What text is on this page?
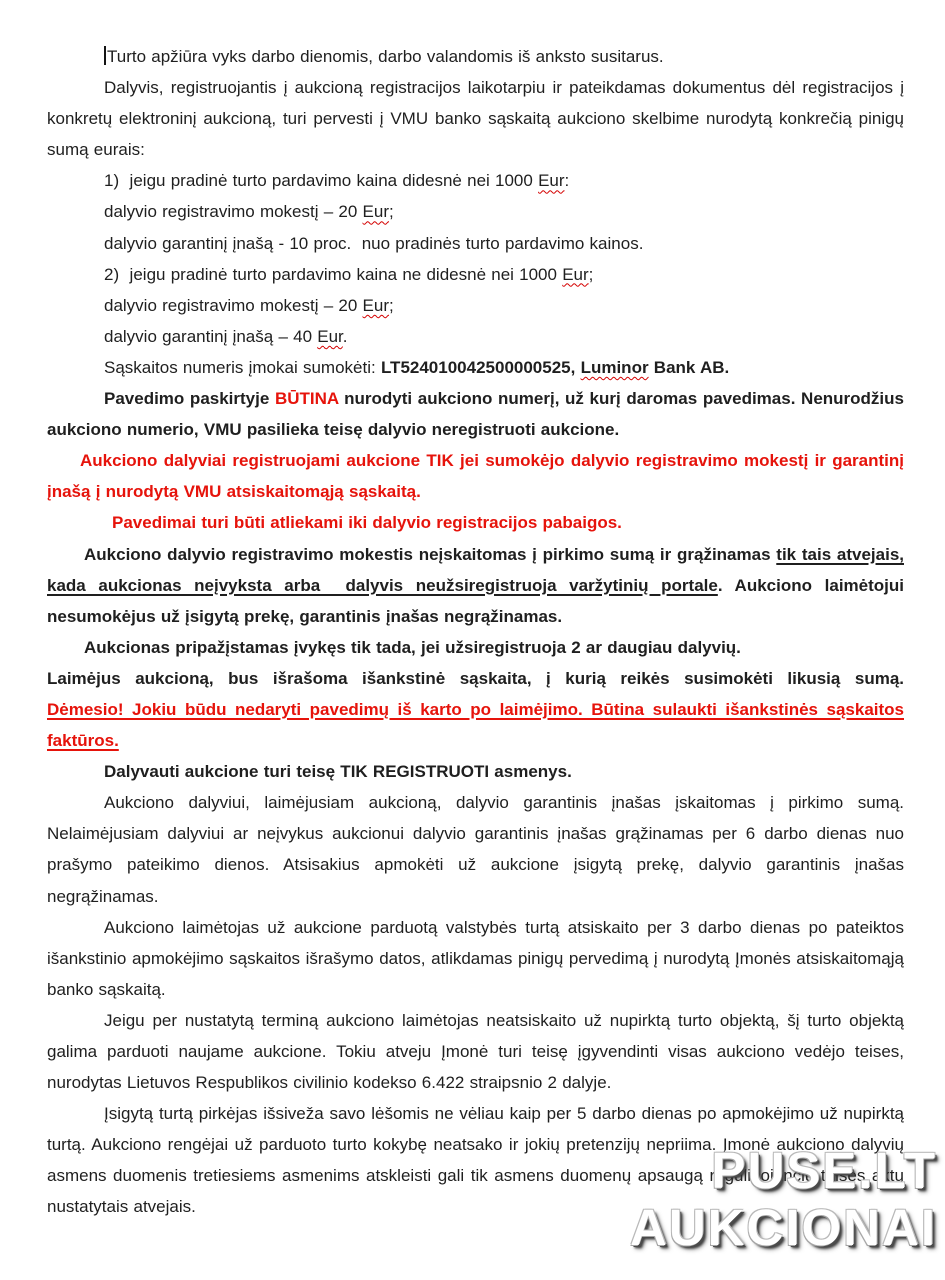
Turto apžiūra vyks darbo dienomis, darbo valandomis iš anksto susitarus.
Dalyvis, registruojantis į aukcioną registracijos laikotarpiu ir pateikdamas dokumentus dėl registracijos į konkretų elektroninį aukcioną, turi pervesti į VMU banko sąskaitą aukciono skelbime nurodytą konkrečią pinigų sumą eurais:
1)  jeigu pradinė turto pardavimo kaina didesnė nei 1000 Eur:
dalyvio registravimo mokestį – 20 Eur;
dalyvio garantinį įnašą - 10 proc.  nuo pradinės turto pardavimo kainos.
2)  jeigu pradinė turto pardavimo kaina ne didesnė nei 1000 Eur;
dalyvio registravimo mokestį – 20 Eur;
dalyvio garantinį įnašą – 40 Eur.
Sąskaitos numeris įmokai sumokėti: LT524010042500000525, Luminor Bank AB.
Pavedimo paskirtyje BŪTINA nurodyti aukciono numerį, už kurį daromas pavedimas. Nenurodžius aukciono numerio, VMU pasilieka teisę dalyvio neregistruoti aukcione.
Aukciono dalyviai registruojami aukcione TIK jei sumokėjo dalyvio registravimo mokestį ir garantinį įnašą į nurodytą VMU atsiskaitomąją sąskaitą.
Pavedimai turi būti atliekami iki dalyvio registracijos pabaigos.
Aukciono dalyvio registravimo mokestis neįskaitomas į pirkimo sumą ir grąžinamas tik tais atvejais, kada aukcionas neįvyksta arba  dalyvis neužsiregistruoja varžytinių portale. Aukciono laimėtojui nesumokėjus už įsigytą prekę, garantinis įnašas negrąžinamas.
Aukcionas pripažįstamas įvykęs tik tada, jei užsiregistruoja 2 ar daugiau dalyvių.
Laimėjus aukcioną, bus išrašoma išankstinė sąskaita, į kurią reikės susimokėti likusią sumą.
Dėmesio! Jokiu būdu nedaryti pavedimų iš karto po laimėjimo. Būtina sulaukti išankstinės sąskaitos faktūros.
Dalyvauti aukcione turi teisę TIK REGISTRUOTI asmenys.
Aukciono dalyviui, laimėjusiam aukcioną, dalyvio garantinis įnašas įskaitomas į pirkimo sumą. Nelaimėjusiam dalyviui ar neįvykus aukcionui dalyvio garantinis įnašas grąžinamas per 6 darbo dienas nuo prašymo pateikimo dienos. Atsisakius apmokėti už aukcione įsigytą prekę, dalyvio garantinis įnašas negrąžinamas.
Aukciono laimėtojas už aukcione parduotą valstybės turtą atsiskaito per 3 darbo dienas po pateiktos išankstinio apmokėjimo sąskaitos išrašymo datos, atlikdamas pinigų pervedimą į nurodytą Įmonės atsiskaitomąją banko sąskaitą.
Jeigu per nustatytą terminą aukciono laimėtojas neatsiskaito už nupirktą turto objektą, šį turto objektą galima parduoti naujame aukcione. Tokiu atveju Įmonė turi teisę įgyvendinti visas aukciono vedėjo teises, nurodytas Lietuvos Respublikos civilinio kodekso 6.422 straipsnio 2 dalyje.
Įsigytą turtą pirkėjas išsiveža savo lėšomis ne vėliau kaip per 5 darbo dienas po apmokėjimo už nupirktą turtą. Aukciono rengėjai už parduoto turto kokybę neatsako ir jokių pretenzijų nepriima. Įmonė aukciono dalyvių asmens duomenis tretiesiems asmenims atskleisti gali tik asmens duomenų apsaugą reguliuojančių teisės aktų nustatytais atvejais.
PUSE.LT
AUKCIONAI
